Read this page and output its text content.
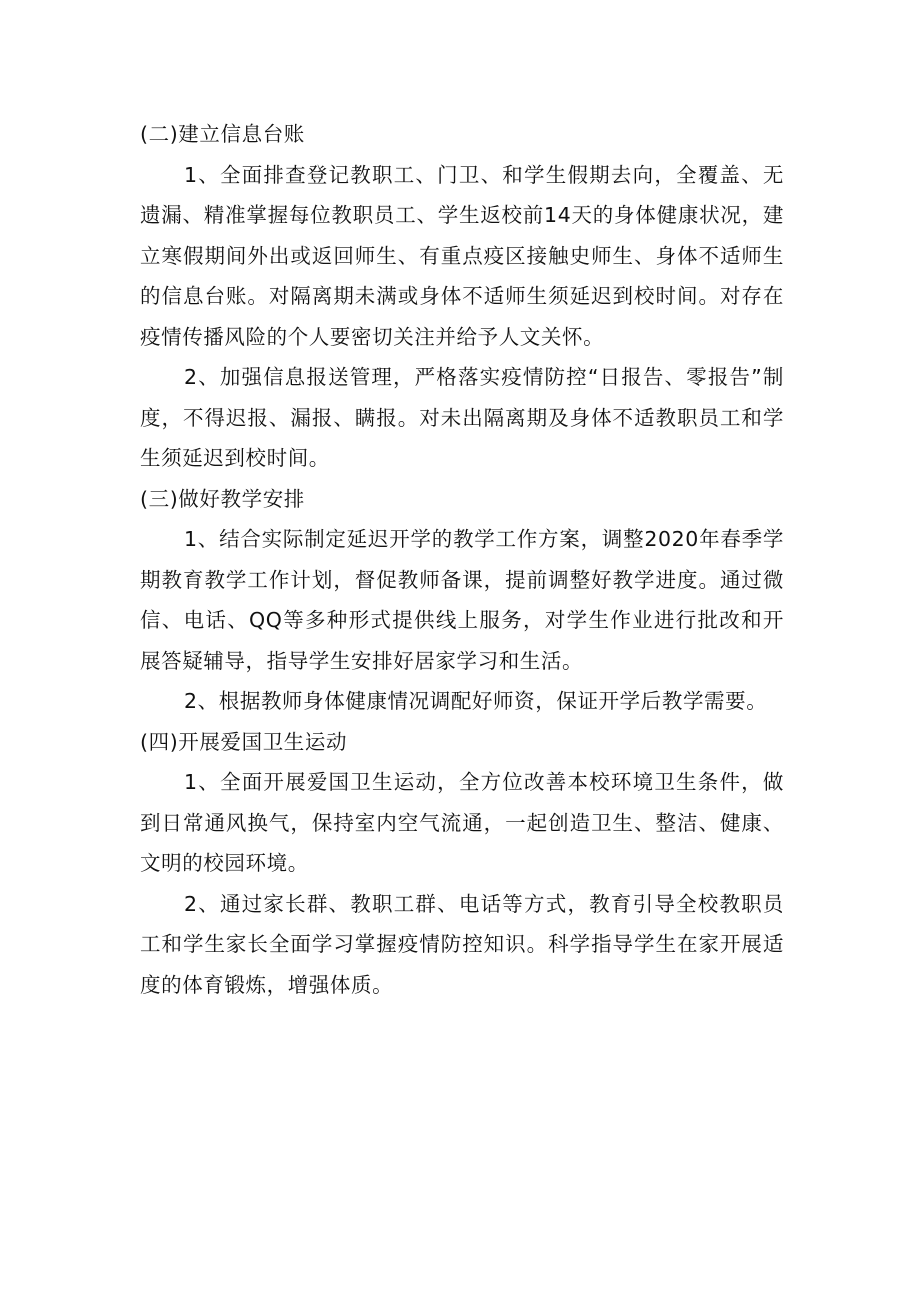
(二)建立信息台账

1、全面排查登记教职工、门卫、和学生假期去向，全覆盖、无遗漏、精准掌握每位教职员工、学生返校前14天的身体健康状况，建立寒假期间外出或返回师生、有重点疫区接触史师生、身体不适师生的信息台账。对隔离期未满或身体不适师生须延迟到校时间。对存在疫情传播风险的个人要密切关注并给予人文关怀。

2、加强信息报送管理，严格落实疫情防控“日报告、零报告”制度，不得迟报、漏报、瞒报。对未出隔离期及身体不适教职员工和学生须延迟到校时间。

(三)做好教学安排

1、结合实际制定延迟开学的教学工作方案，调整2020年春季学期教育教学工作计划，督促教师备课，提前调整好教学进度。通过微信、电话、QQ等多种形式提供线上服务，对学生作业进行批改和开展答疑辅导，指导学生安排好居家学习和生活。

2、根据教师身体健康情况调配好师资，保证开学后教学需要。

(四)开展爱国卫生运动

1、全面开展爱国卫生运动，全方位改善本校环境卫生条件，做到日常通风换气，保持室内空气流通，一起创造卫生、整洁、健康、文明的校园环境。

2、通过家长群、教职工群、电话等方式，教育引导全校教职员工和学生家长全面学习掌握疫情防控知识。科学指导学生在家开展适度的体育锻炼，增强体质。
